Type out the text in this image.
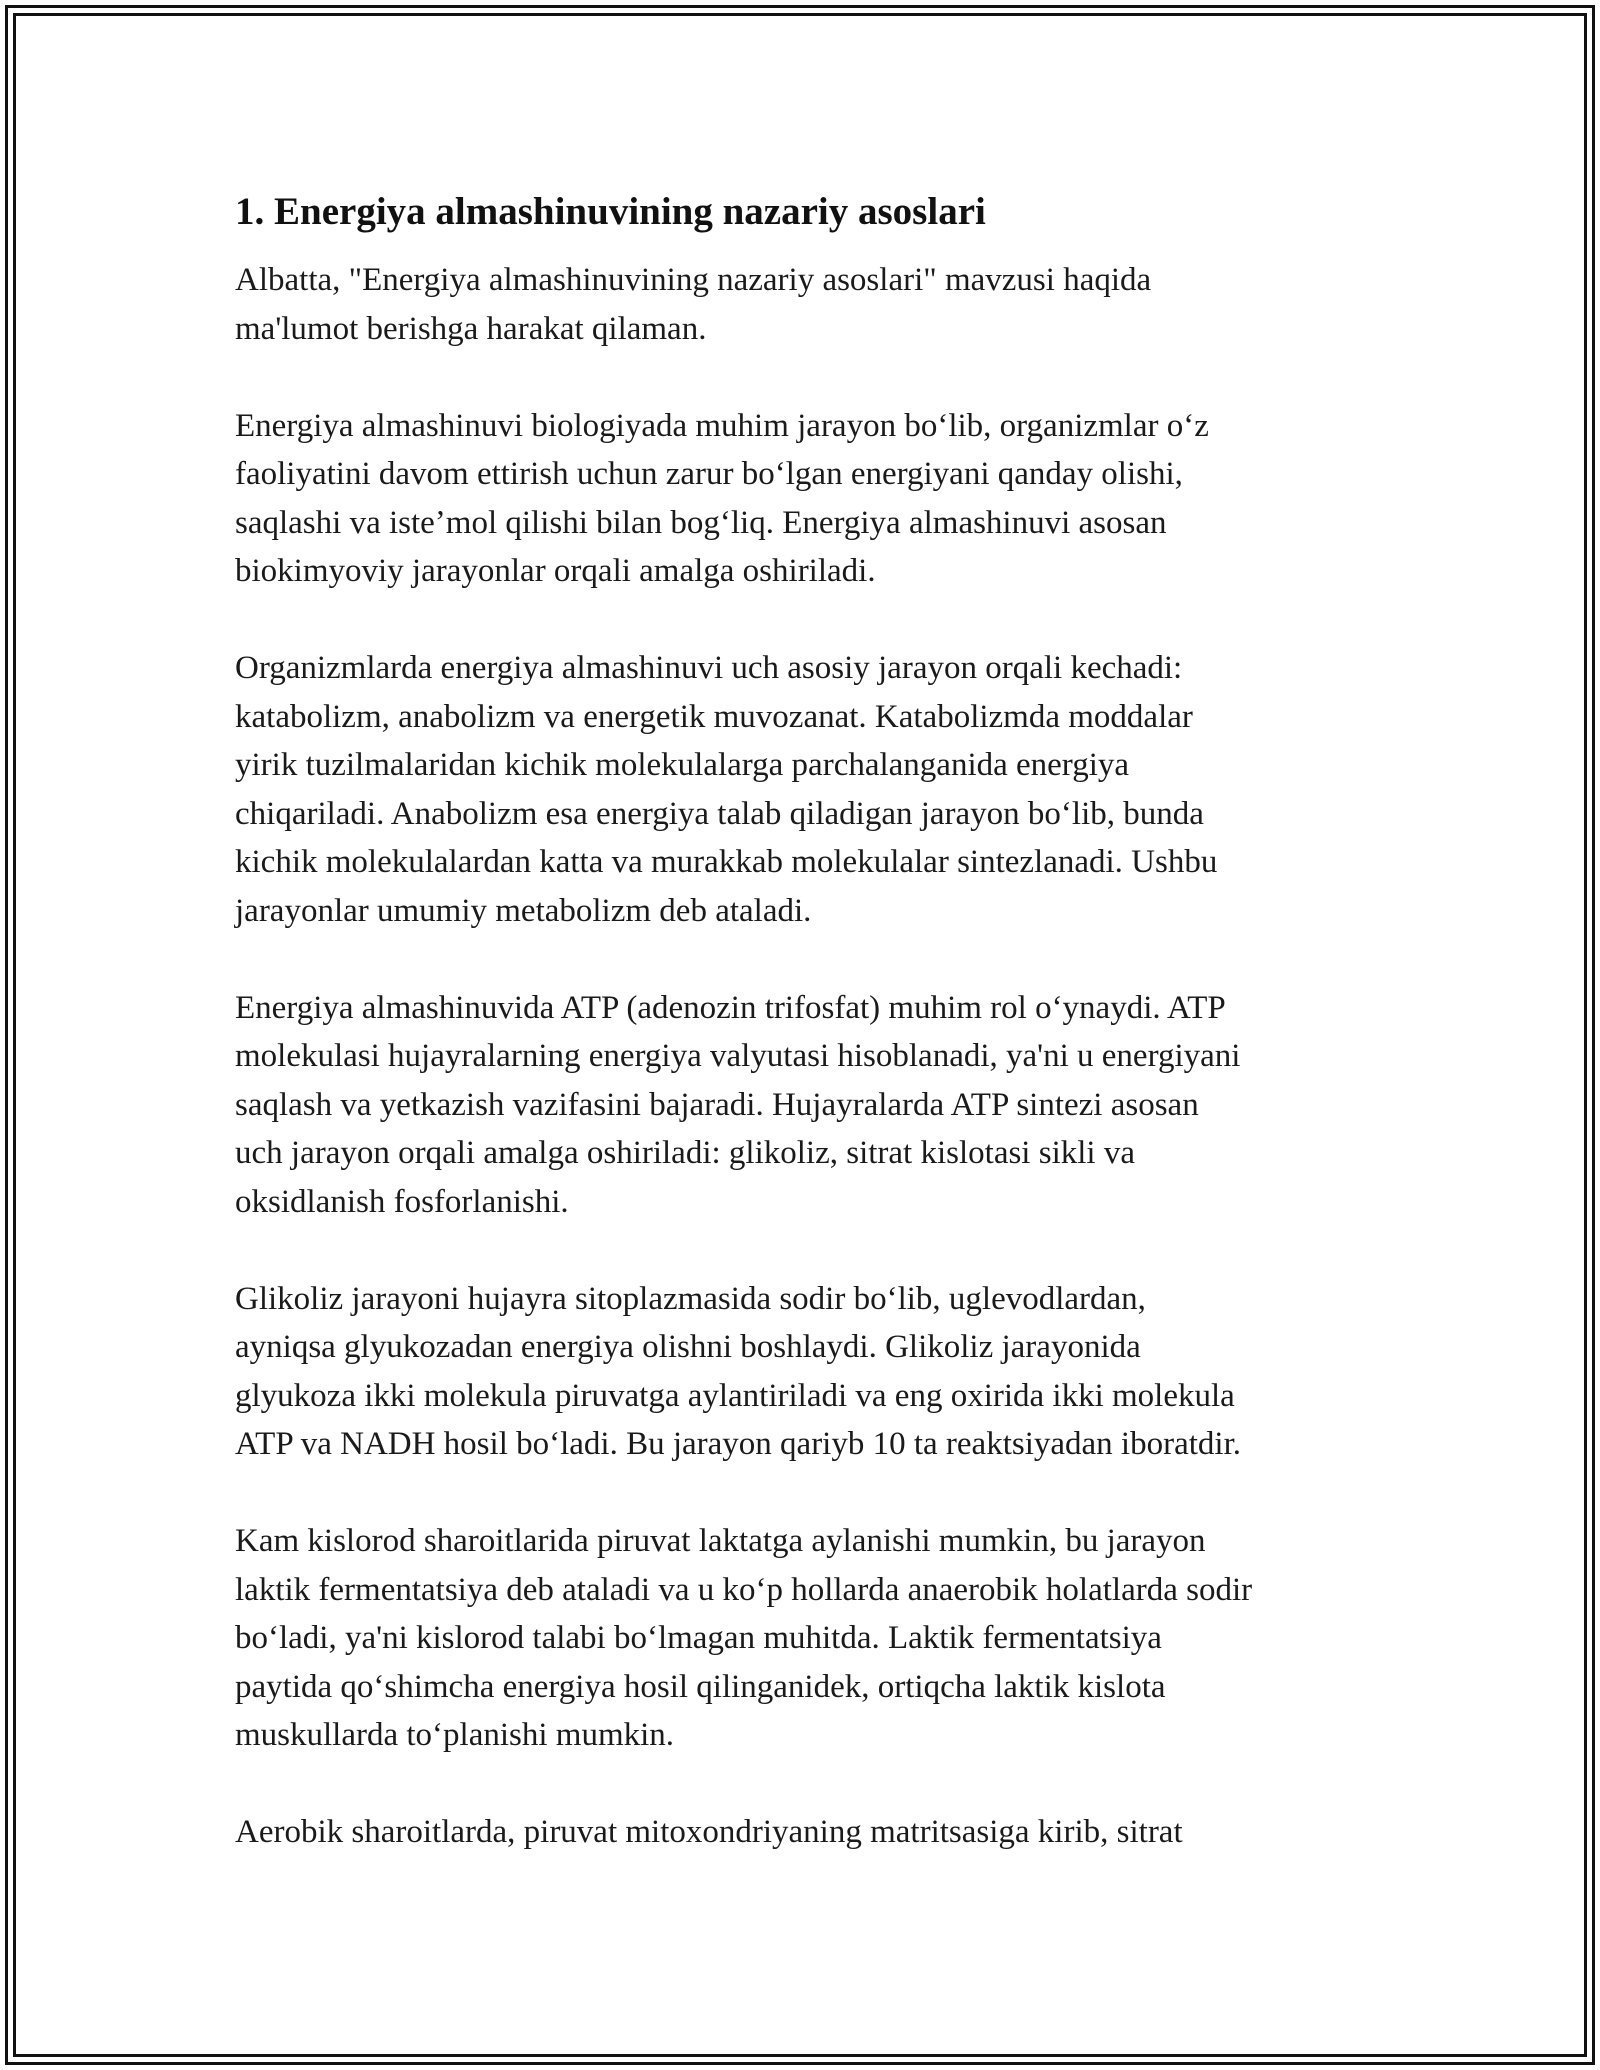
1. Energiya almashinuvining nazariy asoslari

Albatta, "Energiya almashinuvining nazariy asoslari" mavzusi haqida
ma'lumot berishga harakat qilaman.

Energiya almashinuvi biologiyada muhim jarayon boʻlib, organizmlar oʻz
faoliyatini davom ettirish uchun zarur boʻlgan energiyani qanday olishi,
saqlashi va isteʼmol qilishi bilan bogʻliq. Energiya almashinuvi asosan
biokimyoviy jarayonlar orqali amalga oshiriladi.

Organizmlarda energiya almashinuvi uch asosiy jarayon orqali kechadi:
katabolizm, anabolizm va energetik muvozanat. Katabolizmda moddalar
yirik tuzilmalaridan kichik molekulalarga parchalanganida energiya
chiqariladi. Anabolizm esa energiya talab qiladigan jarayon boʻlib, bunda
kichik molekulalardan katta va murakkab molekulalar sintezlanadi. Ushbu
jarayonlar umumiy metabolizm deb ataladi.

Energiya almashinuvida ATP (adenozin trifosfat) muhim rol oʻynaydi. ATP
molekulasi hujayralarning energiya valyutasi hisoblanadi, ya'ni u energiyani
saqlash va yetkazish vazifasini bajaradi. Hujayralarda ATP sintezi asosan
uch jarayon orqali amalga oshiriladi: glikoliz, sitrat kislotasi sikli va
oksidlanish fosforlanishi.

Glikoliz jarayoni hujayra sitoplazmasida sodir boʻlib, uglevodlardan,
ayniqsa glyukozadan energiya olishni boshlaydi. Glikoliz jarayonida
glyukoza ikki molekula piruvatga aylantiriladi va eng oxirida ikki molekula
ATP va NADH hosil boʻladi. Bu jarayon qariyb 10 ta reaktsiyadan iboratdir.

Kam kislorod sharoitlarida piruvat laktatga aylanishi mumkin, bu jarayon
laktik fermentatsiya deb ataladi va u koʻp hollarda anaerobik holatlarda sodir
boʻladi, ya'ni kislorod talabi boʻlmagan muhitda. Laktik fermentatsiya
paytida qoʻshimcha energiya hosil qilinganidek, ortiqcha laktik kislota
muskullarda toʻplanishi mumkin.

Aerobik sharoitlarda, piruvat mitoxondriyaning matritsasiga kirib, sitrat
